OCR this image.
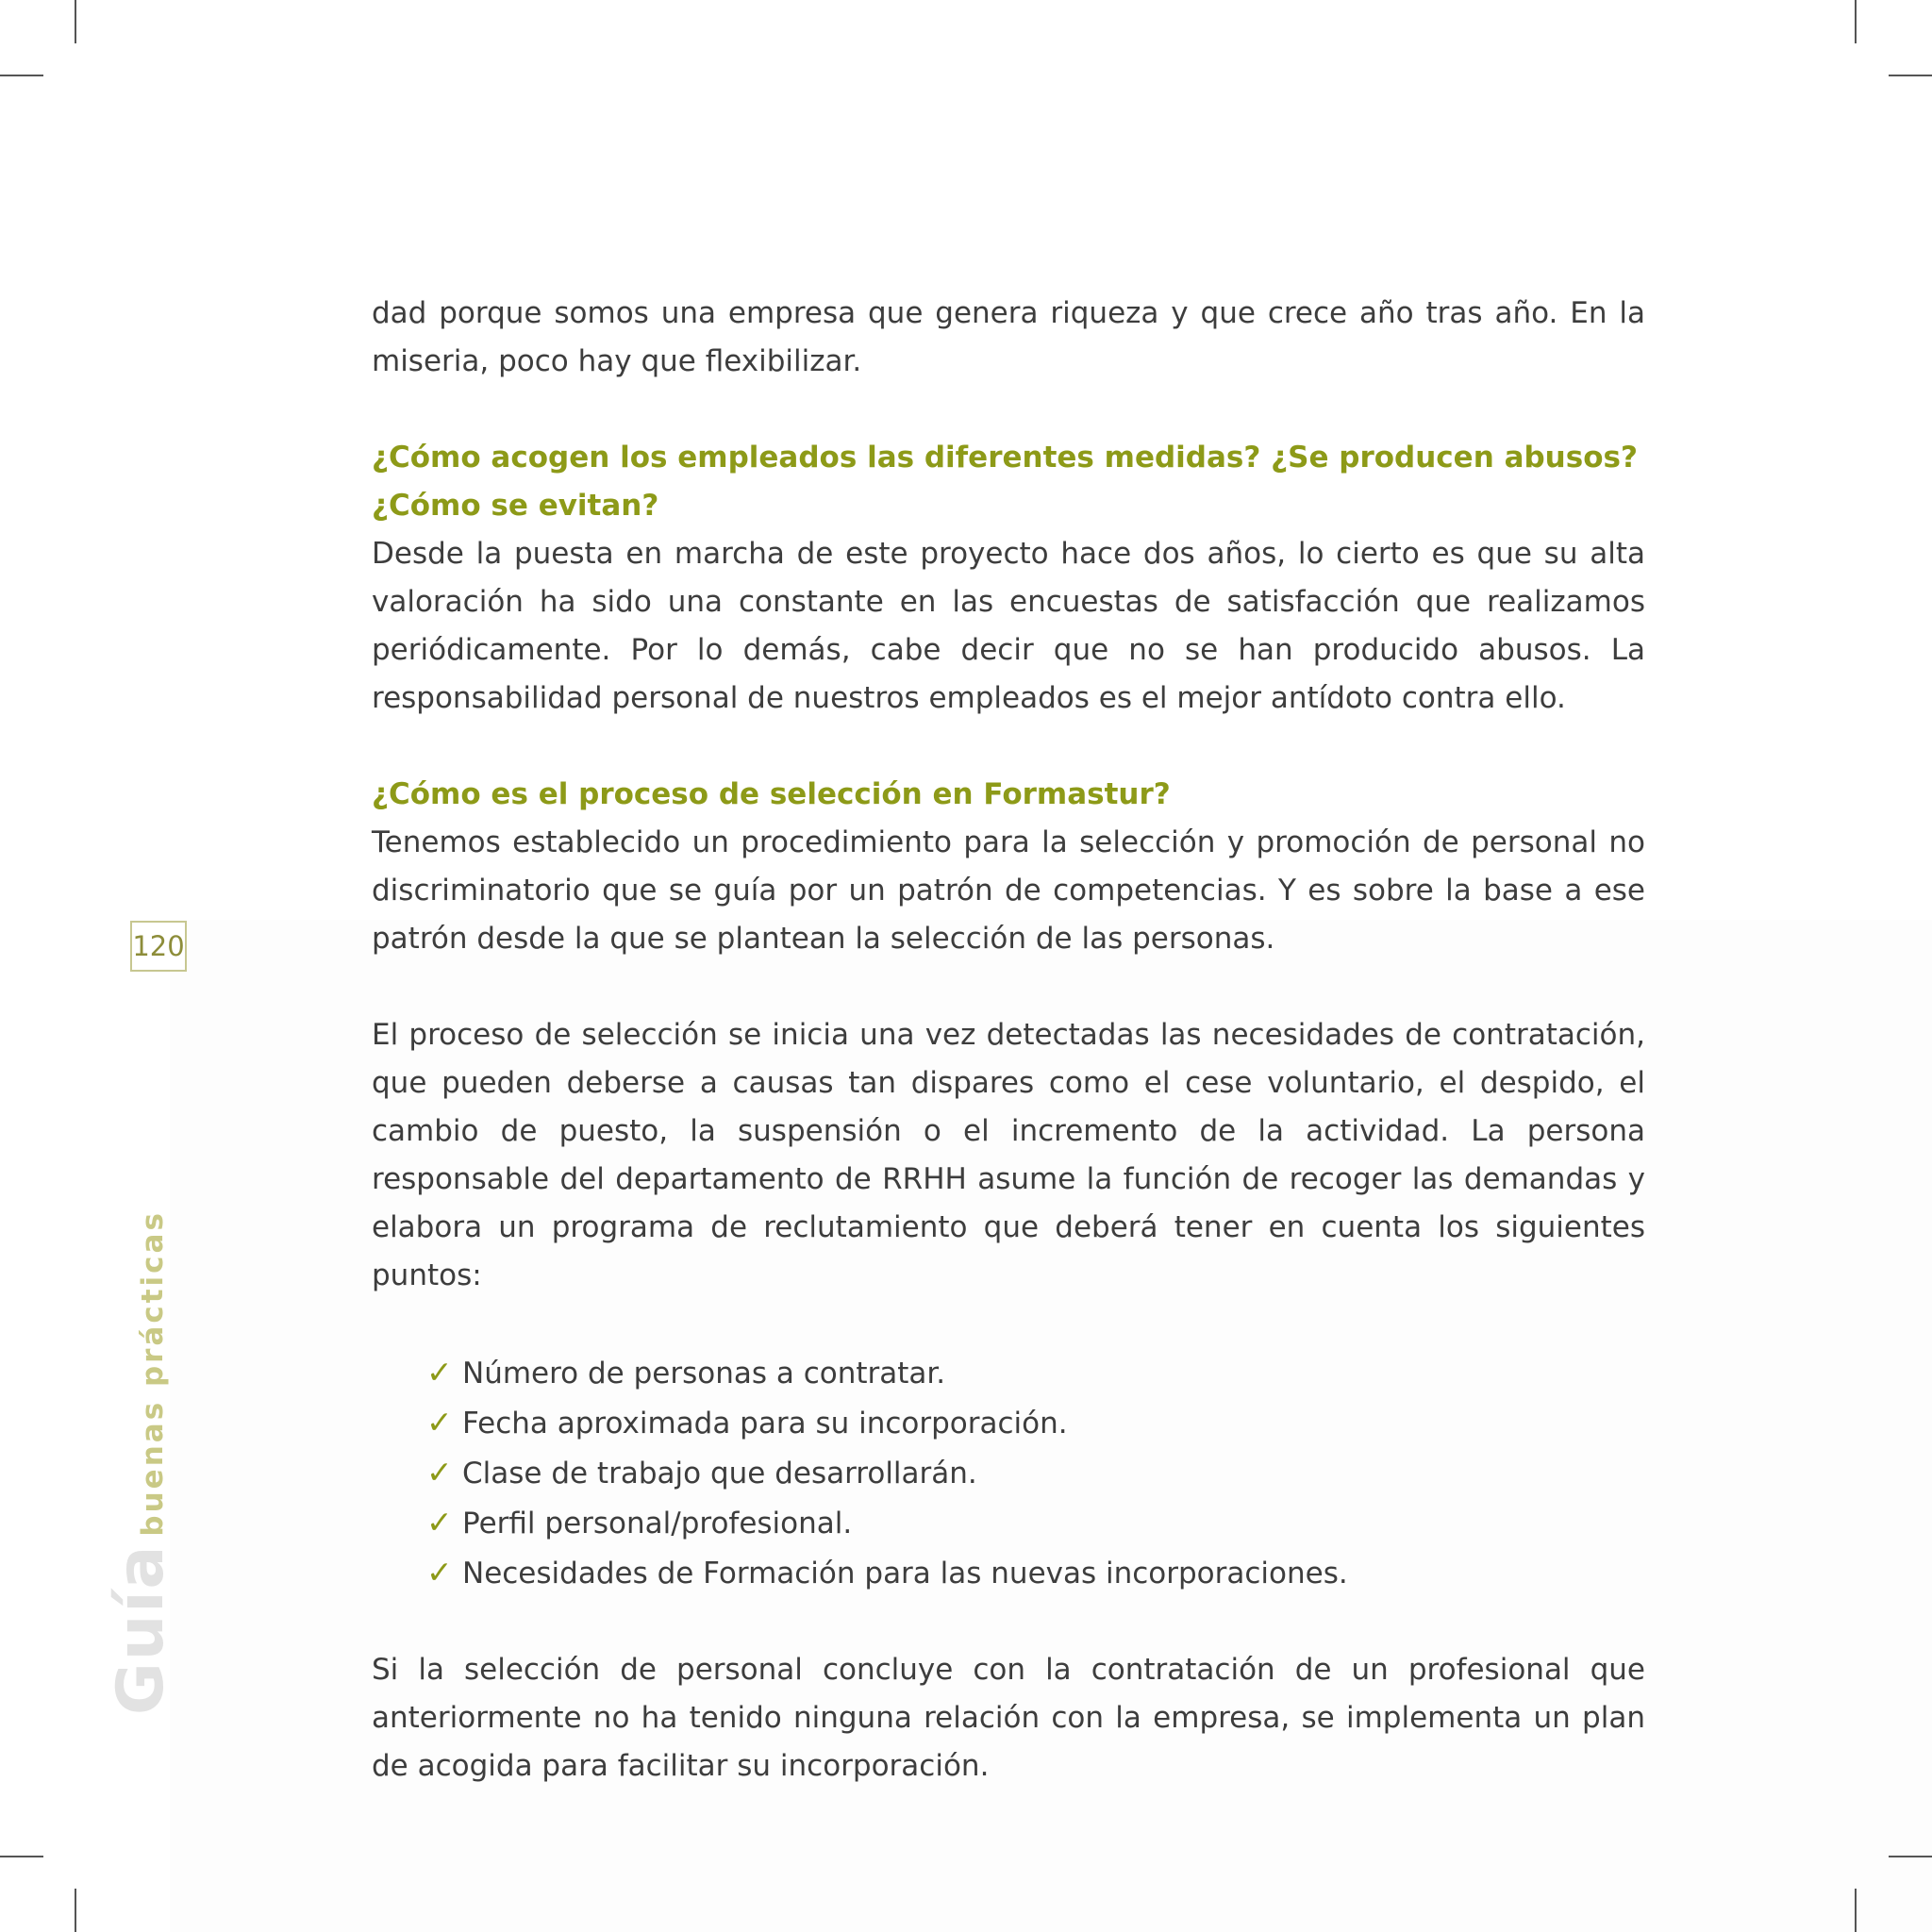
120
Guíabuenas prácticas

dad porque somos una empresa que genera riqueza y que crece año tras año. En la miseria, poco hay que flexibilizar.

¿Cómo acogen los empleados las diferentes medidas? ¿Se producen abusos? ¿Cómo se evitan?

Desde la puesta en marcha de este proyecto hace dos años, lo cierto es que su alta valoración ha sido una constante en las encuestas de satisfacción que realizamos periódicamente. Por lo demás, cabe decir que no se han producido abusos. La responsabilidad personal de nuestros empleados es el mejor antídoto contra ello.

¿Cómo es el proceso de selección en Formastur?

Tenemos establecido un procedimiento para la selección y promoción de personal no discriminatorio que se guía por un patrón de competencias. Y es sobre la base a ese patrón desde la que se plantean la selección de las personas.

El proceso de selección se inicia una vez detectadas las necesidades de contratación, que pueden deberse a causas tan dispares como el cese voluntario, el despido, el cambio de puesto, la suspensión o el incremento de la actividad. La persona responsable del departamento de RRHH asume la función de recoger las demandas y elabora un programa de reclutamiento que deberá tener en cuenta los siguientes puntos:

✓ Número de personas a contratar.
✓ Fecha aproximada para su incorporación.
✓ Clase de trabajo que desarrollarán.
✓ Perfil personal/profesional.
✓ Necesidades de Formación para las nuevas incorporaciones.

Si la selección de personal concluye con la contratación de un profesional que anteriormente no ha tenido ninguna relación con la empresa, se implementa un plan de acogida para facilitar su incorporación.
